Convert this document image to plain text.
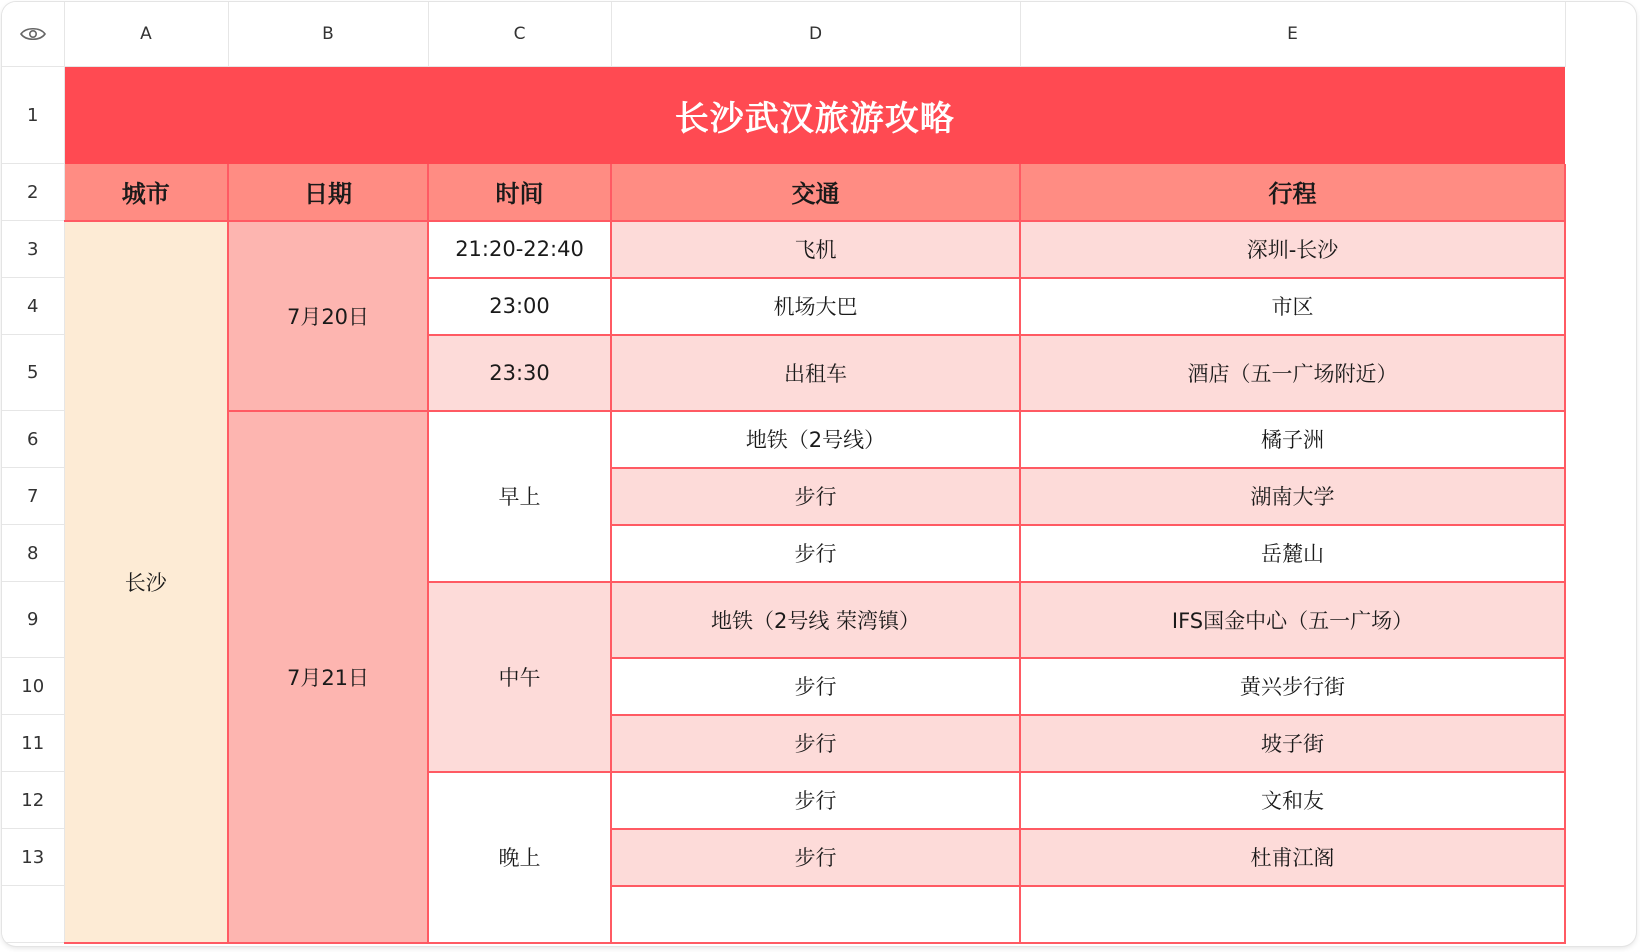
	A	B	C	D	E
1	长沙武汉旅游攻略				
2	城市	日期	时间	交通	行程
3	长沙	7月20日	21:20-22:40	飞机	深圳-长沙
4			23:00	机场大巴	市区
5			23:30	出租车	酒店（五一广场附近）
6		7月21日	早上	地铁（2号线）	橘子洲
7				步行	湖南大学
8				步行	岳麓山
9			中午	地铁（2号线 荣湾镇）	IFS国金中心（五一广场）
10				步行	黄兴步行街
11				步行	坡子街
12			晚上	步行	文和友
13				步行	杜甫江阁
